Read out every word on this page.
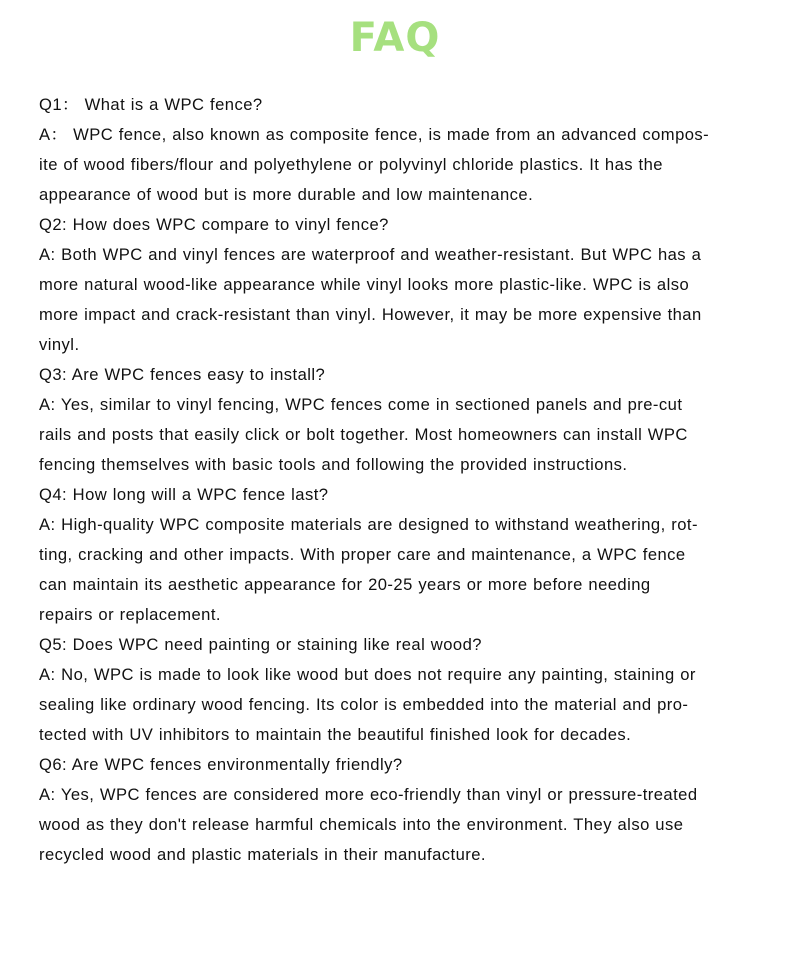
FAQ
Q1： What is a WPC fence?
A： WPC fence, also known as composite fence, is made from an advanced compos-
ite of wood fibers/flour and polyethylene or polyvinyl chloride plastics. It has the
appearance of wood but is more durable and low maintenance.
Q2: How does WPC compare to vinyl fence?
A: Both WPC and vinyl fences are waterproof and weather-resistant. But WPC has a
more natural wood-like appearance while vinyl looks more plastic-like. WPC is also
more impact and crack-resistant than vinyl. However, it may be more expensive than
vinyl.
Q3: Are WPC fences easy to install?
A: Yes, similar to vinyl fencing, WPC fences come in sectioned panels and pre-cut
rails and posts that easily click or bolt together. Most homeowners can install WPC
fencing themselves with basic tools and following the provided instructions.
Q4: How long will a WPC fence last?
A: High-quality WPC composite materials are designed to withstand weathering, rot-
ting, cracking and other impacts. With proper care and maintenance, a WPC fence
can maintain its aesthetic appearance for 20-25 years or more before needing
repairs or replacement.
Q5: Does WPC need painting or staining like real wood?
A: No, WPC is made to look like wood but does not require any painting, staining or
sealing like ordinary wood fencing. Its color is embedded into the material and pro-
tected with UV inhibitors to maintain the beautiful finished look for decades.
Q6: Are WPC fences environmentally friendly?
A: Yes, WPC fences are considered more eco-friendly than vinyl or pressure-treated
wood as they don't release harmful chemicals into the environment. They also use
recycled wood and plastic materials in their manufacture.
